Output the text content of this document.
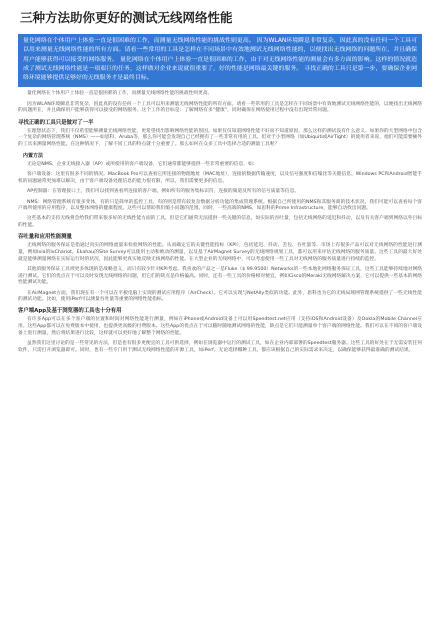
三种方法助你更好的测试无线网络性能
量化网络在个体用户上体验一直是很困难的工作，而测量无线网络性能的挑战性则更高。 因为WLAN环境瞬息非常复杂，因此真的没有任何一个工具可以用来测量无线网络性能的所有方面。请看一些常用的工具是怎样在不同场景中有效地测试无线网络性能的，以便找出无线网络的问题所在，并且确保用户能够获得可以接受的网络服务。 量化网络在个体用户上体验一直是很困难的工作，由于对无线网络性能的测量会有多方面的影响。这样的情况就造成了测试无线网络性能是一项艰巨的任务，这样做对企业来说就很重要了，好的性能是网络最关键的服务。 寻找正确的工具只是第一步，要确保企业网络环境能够提供足够好的无线服务才是最终目标。
量化网络在个体用户上体验一直是很困难的工作，而测量无线网络性能的挑战性则更高。
因为WLAN环境瞬息非常复杂，因此真的没有任何一个工具可以用来测量无线网络性能的所有方面。请看一些常用的工具是怎样在不同场景中有效地测试无线网络性能的，以便找出无线网络的问题所在，并且确保用户能够获得可以接受的网络服务。这个工作的目标是：了解网络有多“健康”，同时确保在网络使用过程中没有出现异常问题。
寻找正确的工具只是做对了一半
在理想状态下，我们不仅希望能够测量无线网络性能，更希望找出影响网络性能的原因。如果仅仅知道网络性能不好而不知道原因，那么这样的测试没有什么意义。如果你的大型网络中包含一个复杂的网络管理系统（NMS）——如思科、Aruba等，那么你可能会发现自己已经拥有了一些非常有用的工具。但对于小型网络（如Ubiquiti或AirTight）的使用者来说，他们可能需要额外的工具来测量网络性能。在这种情况下，了解不同工具的特点就十分重要了。那么如何在众多工具中选择合适的测量工具呢？
内置方法
无论是NMS、企业无线接入器（AP）或所使用的客户端设备，它们通常都能够提供一些非常重要的信息，如：
客户端设备：这里有很多不同的情况。MacBook Pro可以查看它所连接的物理地址（MAC地址），连接的数据传输速度，以及信号强度和信噪比等关键信息。Windows PC和Android智能手机的问题通常更加难以解决，由于客户端设备处理信息的能力很有限，所以，我们需要更多的信息。
AP控制器：在管理接口上，我们可以找到查看所连接的客户端，例如所有的服务集标识符，连接的频道及所有的信号质量等信息。
NMS：网络管理系统有很多变体，有的只是简单的监控工具，有的则是带有较复杂数据分析功能的集成管理系统。根据自己所使用的NMS和其服务商的技术状况，我们可能可以查看每个客户端所使用的应用程序，以及整体网络的健康程度。这些可以帮助我们缩小问题的范围。同时，一些高端的NMS，如思科的Prime Infrastructure，能够自动找出问题。
这些基本的支持无线将会给我们带来很多好的无线性能方面的工具，但是它们通常无法提供一些关键的信息，如实际的吞吐量，包括无线网络的延迟和抖动，以及有关客户端到网络以外目标的性能。
吞吐量和应用性能测量
无线网络的服务保证是指通过真实的网络流量来检验网络的性能。从而确定它的关键性能指标（KPI），包括延迟、抖动、丢包、吞吐量等。市场上有很多产品可以对无线网络的性能进行测量，例如Ixia的IxChariot。Ekahau的Site Survey可以使用主动和被动的测量，以及基于AirMagnet Survey的无线网络规划工具，都可以用来评估无线网络的服务质量。这些工具的最大好处就是能够测量网络在实际运行时的状况，因此能够更真实地反映无线网络的性能。在大型企业的无线网络中，可以考虑使用一些工具对无线网络的服务质量进行持续的监控。
其他的服务保证工具则更多体现的是战略意义，而只有较少针对KPI考虑。我喜欢的产品之一是Fluke（$ 99.9500）Networks的一些本地化网络服务保证工具，这些工具能够持续地对网络进行测试。它们的优点在于可以及时发现无线网络的问题，但它们的缺点是价格偏高。同时，还有一些工具的价格相对便宜，例如Cisco的Meraki无线网络解决方案，它可以提供一些基本的网络性能测试功能。
在AirMagnet方面，我们现在有一个可以在平板电脑上实现的测试应用程序（AirCheck）。它可以实现与NetAlly类似的功能。此外，思科也为它的无线局域网管理系统提供了一些无线性能的测试功能。比如，使用iPerf可以测量吞吐量等重要的网络性能指标。
客户端App及基于浏览器的工具也十分有用
有许多App可以在多个客户端的位置和时间对网络性能进行测量，例如在iPhone或Android设备上可以用Speedtest.net应用（支持iOS和Android设备）及Ookla的Mobile Channel应用。这些App都可以在免费版本中使用，也提供更高级的付费版本。这些App的优点在于可以随时随地测试网络的性能，缺点是它们只能测量单个客户端的网络性能。我们可以在不同的客户端设备上进行测量，然后将结果进行比较，这样就可以更好地了解整个网络的性能。
虽然我们这里讨论的是一些常见的方法，但是也有很多更便宜的工具可供选择，例如在浏览器中运行的测试工具，如在企业内部部署的Speedtest服务器。这些工具的好处在于无需安装任何软件，只需打开浏览器即可。同时，也有一些专门用于测试无线网络性能的开源工具，如iPerf。无论选择哪种工具，都应该根据自己的实际需求来决定，以确保能够获得最准确的测试结果。
